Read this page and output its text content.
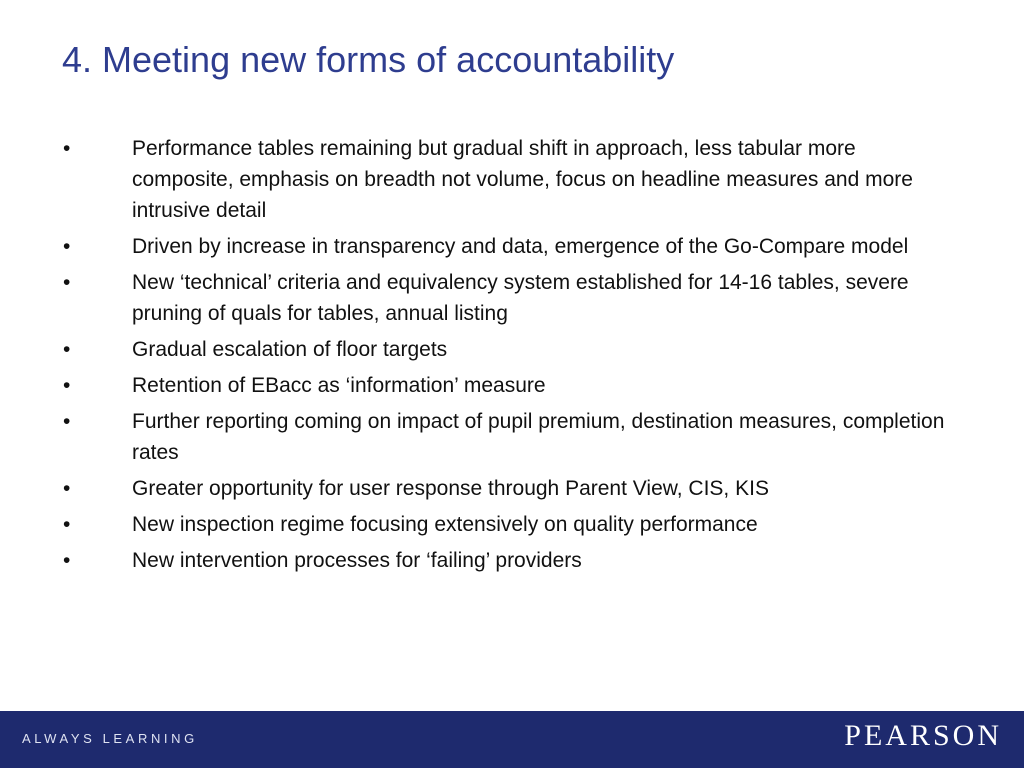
4. Meeting new forms of accountability
•	Performance tables remaining but gradual shift in approach, less tabular more composite, emphasis on breadth not volume, focus on headline measures and more intrusive detail
•	Driven by increase in transparency and data, emergence of the Go-Compare model
•	New ‘technical’ criteria and equivalency system established for 14-16 tables, severe pruning of quals for tables, annual listing
•	Gradual escalation of floor targets
•	Retention of EBacc as ‘information’ measure
•	Further reporting coming on impact of pupil premium, destination measures, completion rates
•	Greater opportunity for user response through Parent View, CIS, KIS
•	New inspection regime focusing extensively on quality performance
•	New intervention processes for ‘failing’ providers
ALWAYS LEARNING	PEARSON
